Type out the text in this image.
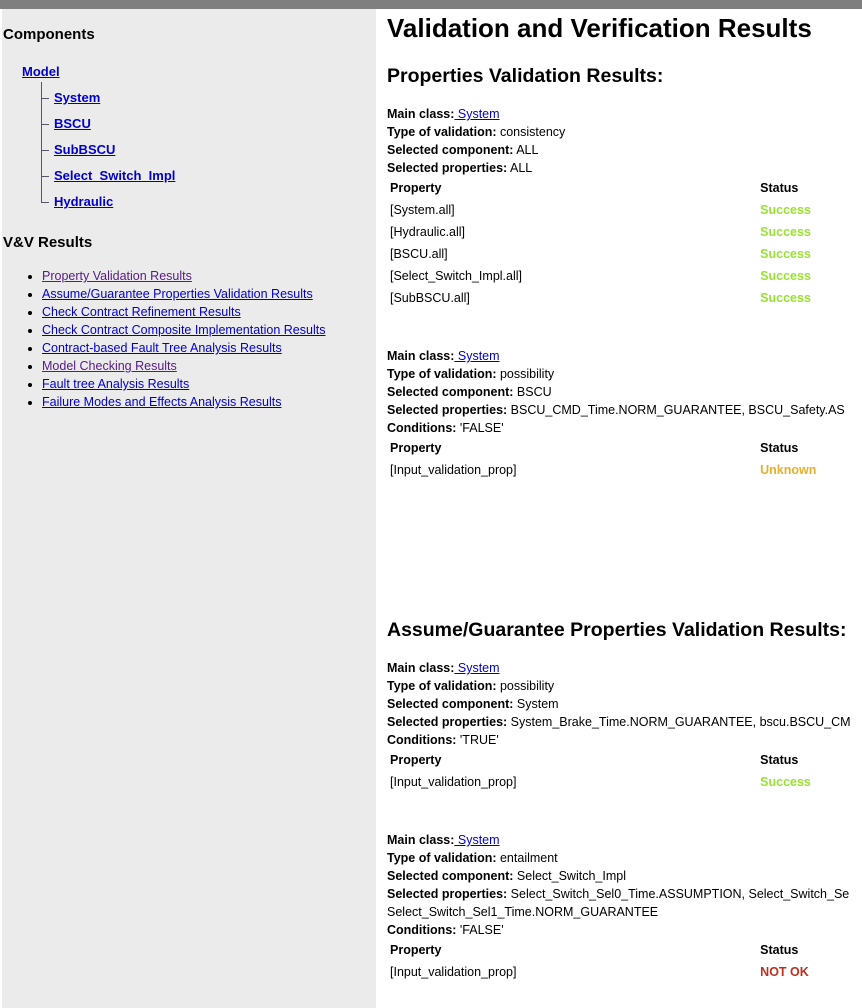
Components
Model
System
BSCU
SubBSCU
Select_Switch_Impl
Hydraulic
V&V Results
• Property Validation Results
• Assume/Guarantee Properties Validation Results
• Check Contract Refinement Results
• Check Contract Composite Implementation Results
• Contract-based Fault Tree Analysis Results
• Model Checking Results
• Fault tree Analysis Results
• Failure Modes and Effects Analysis Results
Validation and Verification Results
Properties Validation Results:
Main class: System
Type of validation: consistency
Selected component: ALL
Selected properties: ALL
Property	Status
[System.all]	Success
[Hydraulic.all]	Success
[BSCU.all]	Success
[Select_Switch_Impl.all]	Success
[SubBSCU.all]	Success
Main class: System
Type of validation: possibility
Selected component: BSCU
Selected properties: BSCU_CMD_Time.NORM_GUARANTEE, BSCU_Safety.AS
Conditions: 'FALSE'
Property	Status
[Input_validation_prop]	Unknown
Assume/Guarantee Properties Validation Results:
Main class: System
Type of validation: possibility
Selected component: System
Selected properties: System_Brake_Time.NORM_GUARANTEE, bscu.BSCU_CM
Conditions: 'TRUE'
Property	Status
[Input_validation_prop]	Success
Main class: System
Type of validation: entailment
Selected component: Select_Switch_Impl
Selected properties: Select_Switch_Sel0_Time.ASSUMPTION, Select_Switch_Se
Select_Switch_Sel1_Time.NORM_GUARANTEE
Conditions: 'FALSE'
Property	Status
[Input_validation_prop]	NOT OK
